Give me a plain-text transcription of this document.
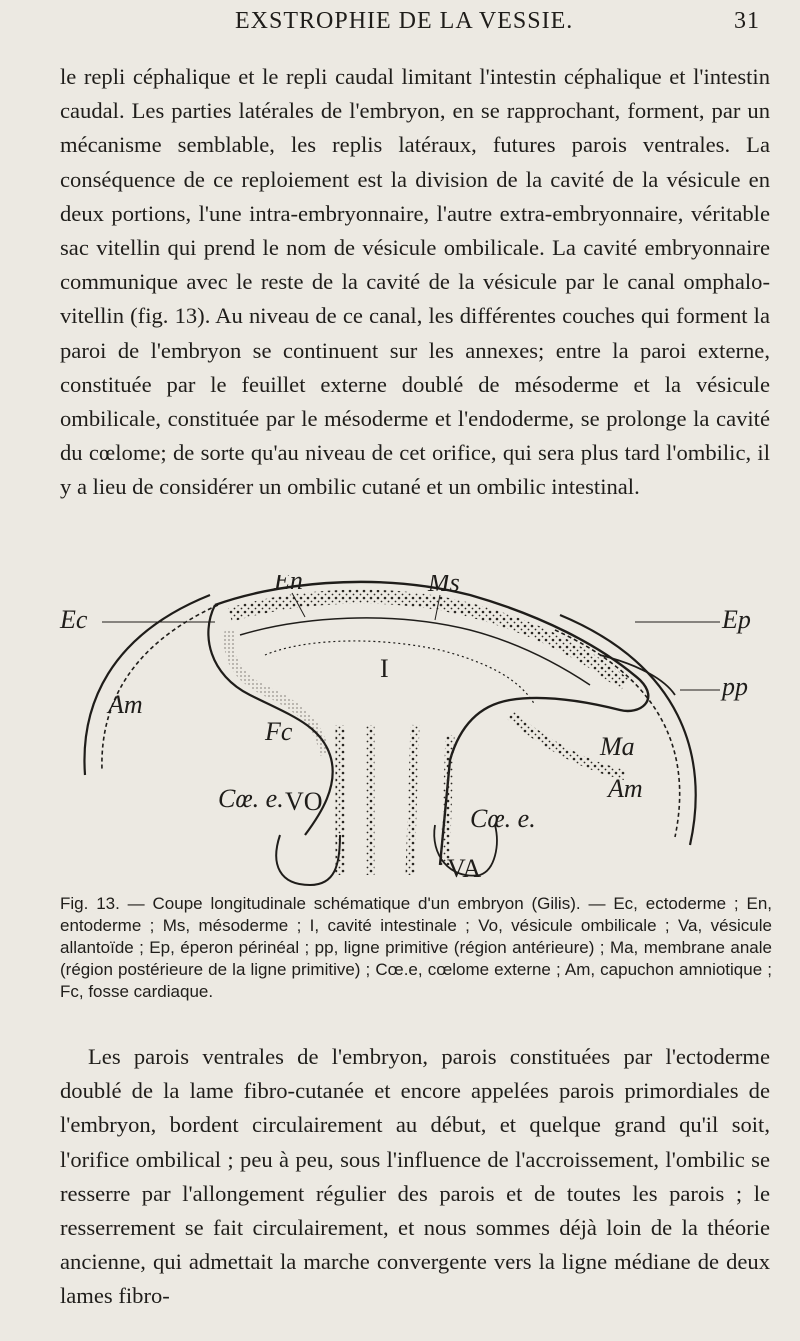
EXSTROPHIE DE LA VESSIE.	31

le repli céphalique et le repli caudal limitant l'intestin céphalique et l'intestin caudal. Les parties latérales de l'embryon, en se rapprochant, forment, par un mécanisme semblable, les replis latéraux, futures parois ventrales. La conséquence de ce reploiement est la division de la cavité de la vésicule en deux portions, l'une intra-embryonnaire, l'autre extra-embryonnaire, véritable sac vitellin qui prend le nom de vésicule ombilicale. La cavité embryonnaire communique avec le reste de la cavité de la vésicule par le canal omphalo-vitellin (fig. 13). Au niveau de ce canal, les différentes couches qui forment la paroi de l'embryon se continuent sur les annexes; entre la paroi externe, constituée par le feuillet externe doublé de mésoderme et la vésicule ombilicale, constituée par le mésoderme et l'endoderme, se prolonge la cavité du cœlome; de sorte qu'au niveau de cet orifice, qui sera plus tard l'ombilic, il y a lieu de considérer un ombilic cutané et un ombilic intestinal.

En	Ms
Ec	Ep
I
pp
Am
Fc
Ma
Am
Cœ. e. VO
Cœ. e.
VA
Fig. 13. — Coupe longitudinale schématique d'un embryon (Gilis). — Ec, ectoderme ; En, entoderme ; Ms, mésoderme ; I, cavité intestinale ; Vo, vésicule ombilicale ; Va, vésicule allantoïde ; Ep, éperon périnéal ; pp, ligne primitive (région antérieure) ; Ma, membrane anale (région postérieure de la ligne primitive) ; Cœ.e, cœlome externe ; Am, capuchon amniotique ; Fc, fosse cardiaque.

Les parois ventrales de l'embryon, parois constituées par l'ectoderme doublé de la lame fibro-cutanée et encore appelées parois primordiales de l'embryon, bordent circulairement au début, et quelque grand qu'il soit, l'orifice ombilical ; peu à peu, sous l'influence de l'accroissement, l'ombilic se resserre par l'allongement régulier des parois et de toutes les parois ; le resserrement se fait circulairement, et nous sommes déjà loin de la théorie ancienne, qui admettait la marche convergente vers la ligne médiane de deux lames fibro-
